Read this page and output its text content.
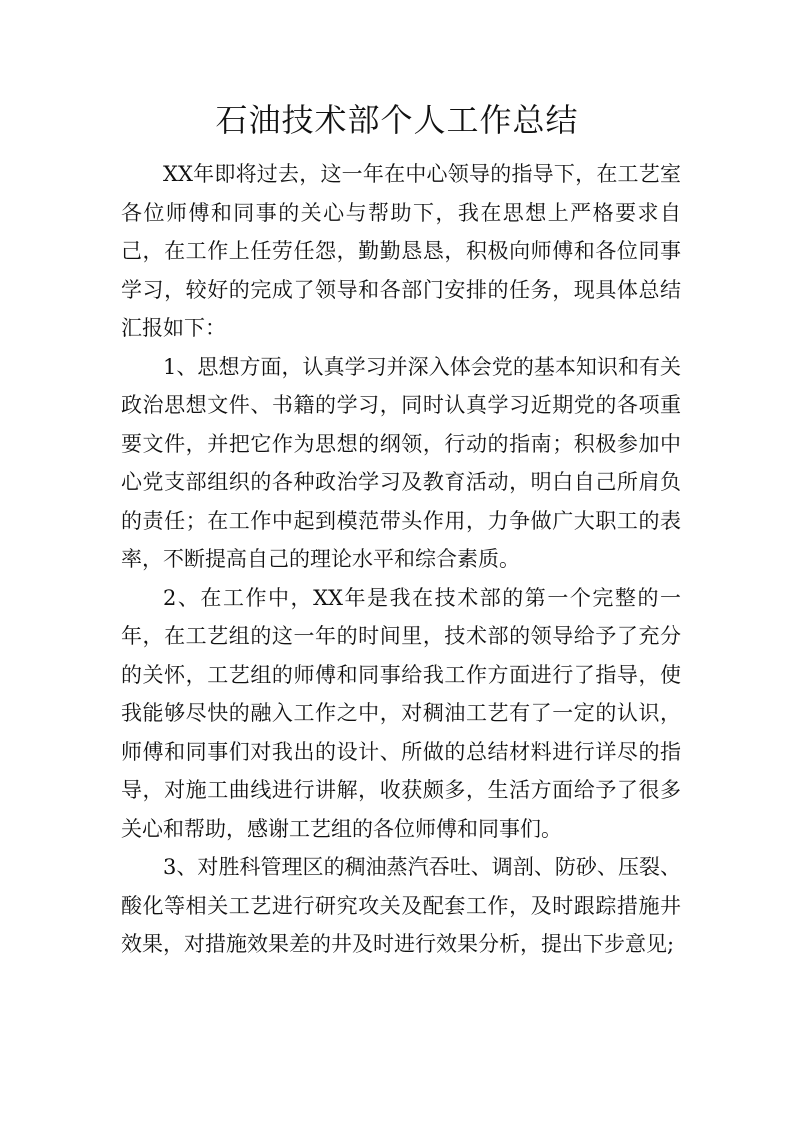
石油技术部个人工作总结

XX年即将过去，这一年在中心领导的指导下，在工艺室各位师傅和同事的关心与帮助下，我在思想上严格要求自己，在工作上任劳任怨，勤勤恳恳，积极向师傅和各位同事学习，较好的完成了领导和各部门安排的任务，现具体总结汇报如下：

1、思想方面，认真学习并深入体会党的基本知识和有关政治思想文件、书籍的学习，同时认真学习近期党的各项重要文件，并把它作为思想的纲领，行动的指南；积极参加中心党支部组织的各种政治学习及教育活动，明白自己所肩负的责任；在工作中起到模范带头作用，力争做广大职工的表率，不断提高自己的理论水平和综合素质。

2、在工作中，XX年是我在技术部的第一个完整的一年，在工艺组的这一年的时间里，技术部的领导给予了充分的关怀，工艺组的师傅和同事给我工作方面进行了指导，使我能够尽快的融入工作之中，对稠油工艺有了一定的认识，师傅和同事们对我出的设计、所做的总结材料进行详尽的指导，对施工曲线进行讲解，收获颇多，生活方面给予了很多关心和帮助，感谢工艺组的各位师傅和同事们。

3、对胜科管理区的稠油蒸汽吞吐、调剖、防砂、压裂、酸化等相关工艺进行研究攻关及配套工作，及时跟踪措施井效果，对措施效果差的井及时进行效果分析，提出下步意见;
